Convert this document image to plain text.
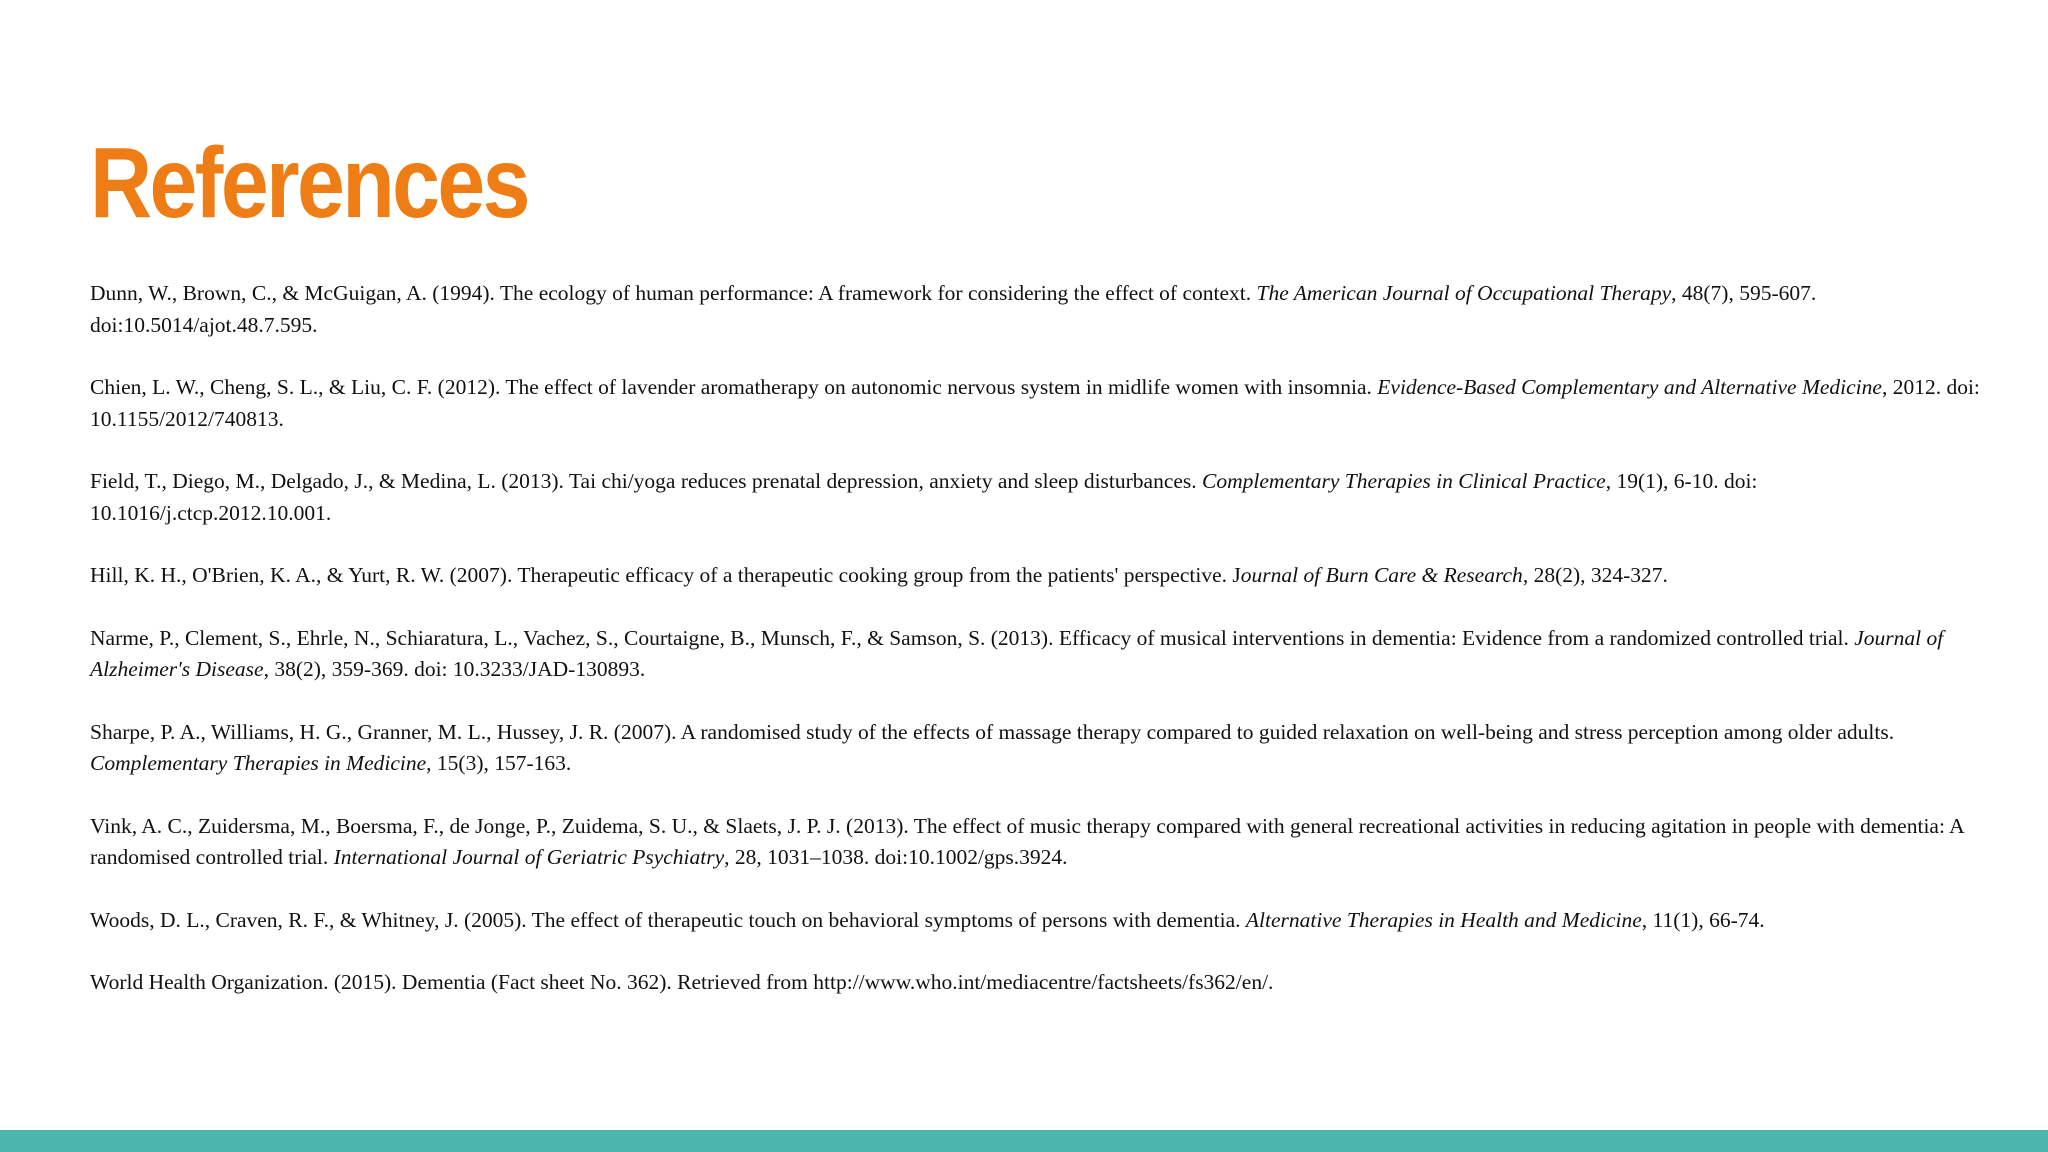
References

Dunn, W., Brown, C., & McGuigan, A. (1994). The ecology of human performance: A framework for considering the effect of context. The American Journal of Occupational Therapy, 48(7), 595-607. doi:10.5014/ajot.48.7.595.

Chien, L. W., Cheng, S. L., & Liu, C. F. (2012). The effect of lavender aromatherapy on autonomic nervous system in midlife women with insomnia. Evidence-Based Complementary and Alternative Medicine, 2012. doi: 10.1155/2012/740813.

Field, T., Diego, M., Delgado, J., & Medina, L. (2013). Tai chi/yoga reduces prenatal depression, anxiety and sleep disturbances. Complementary Therapies in Clinical Practice, 19(1), 6-10. doi: 10.1016/j.ctcp.2012.10.001.

Hill, K. H., O'Brien, K. A., & Yurt, R. W. (2007). Therapeutic efficacy of a therapeutic cooking group from the patients' perspective. Journal of Burn Care & Research, 28(2), 324-327.

Narme, P., Clement, S., Ehrle, N., Schiaratura, L., Vachez, S., Courtaigne, B., Munsch, F., & Samson, S. (2013). Efficacy of musical interventions in dementia: Evidence from a randomized controlled trial. Journal of Alzheimer's Disease, 38(2), 359-369. doi: 10.3233/JAD-130893.

Sharpe, P. A., Williams, H. G., Granner, M. L., Hussey, J. R. (2007). A randomised study of the effects of massage therapy compared to guided relaxation on well-being and stress perception among older adults. Complementary Therapies in Medicine, 15(3), 157-163.

Vink, A. C., Zuidersma, M., Boersma, F., de Jonge, P., Zuidema, S. U., & Slaets, J. P. J. (2013). The effect of music therapy compared with general recreational activities in reducing agitation in people with dementia: A randomised controlled trial. International Journal of Geriatric Psychiatry, 28, 1031–1038. doi:10.1002/gps.3924.

Woods, D. L., Craven, R. F., & Whitney, J. (2005). The effect of therapeutic touch on behavioral symptoms of persons with dementia. Alternative Therapies in Health and Medicine, 11(1), 66-74.

World Health Organization. (2015). Dementia (Fact sheet No. 362). Retrieved from http://www.who.int/mediacentre/factsheets/fs362/en/.
